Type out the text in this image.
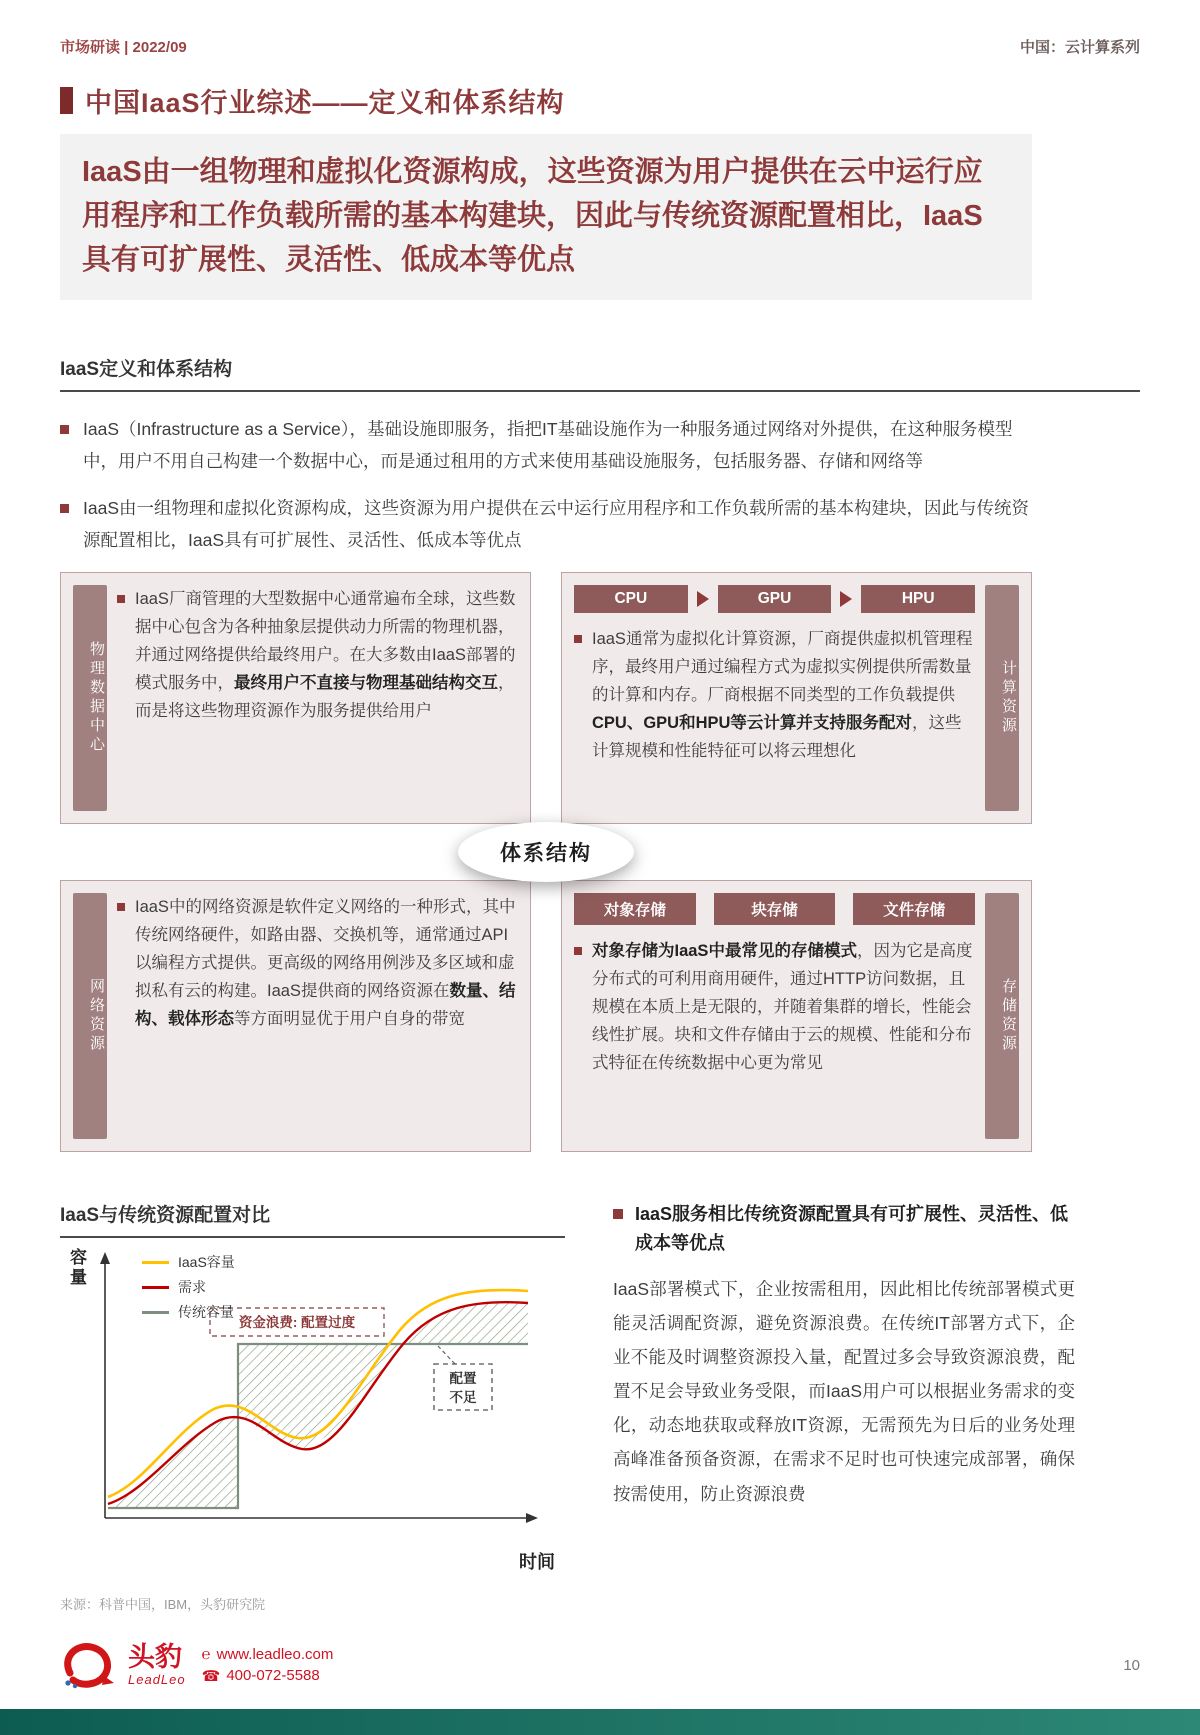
市场研读 | 2022/09	中国：云计算系列
中国IaaS行业综述——定义和体系结构
IaaS由一组物理和虚拟化资源构成，这些资源为用户提供在云中运行应用程序和工作负载所需的基本构建块，因此与传统资源配置相比，IaaS具有可扩展性、灵活性、低成本等优点
IaaS定义和体系结构
IaaS（Infrastructure as a Service），基础设施即服务，指把IT基础设施作为一种服务通过网络对外提供，在这种服务模型中，用户不用自己构建一个数据中心，而是通过租用的方式来使用基础设施服务，包括服务器、存储和网络等
IaaS由一组物理和虚拟化资源构成，这些资源为用户提供在云中运行应用程序和工作负载所需的基本构建块，因此与传统资源配置相比，IaaS具有可扩展性、灵活性、低成本等优点
物理数据中心
IaaS厂商管理的大型数据中心通常遍布全球，这些数据中心包含为各种抽象层提供动力所需的物理机器，并通过网络提供给最终用户。在大多数由IaaS部署的模式服务中，最终用户不直接与物理基础结构交互，而是将这些物理资源作为服务提供给用户
CPU	GPU	HPU
IaaS通常为虚拟化计算资源，厂商提供虚拟机管理程序，最终用户通过编程方式为虚拟实例提供所需数量的计算和内存。厂商根据不同类型的工作负载提供CPU、GPU和HPU等云计算并支持服务配对，这些计算规模和性能特征可以将云理想化
计算资源
网络资源
IaaS中的网络资源是软件定义网络的一种形式，其中传统网络硬件，如路由器、交换机等，通常通过API以编程方式提供。更高级的网络用例涉及多区域和虚拟私有云的构建。IaaS提供商的网络资源在数量、结构、载体形态等方面明显优于用户自身的带宽
对象存储	块存储	文件存储
对象存储为IaaS中最常见的存储模式，因为它是高度分布式的可利用商用硬件，通过HTTP访问数据，且规模在本质上是无限的，并随着集群的增长，性能会线性扩展。块和文件存储由于云的规模、性能和分布式特征在传统数据中心更为常见
存储资源
体系结构
IaaS与传统资源配置对比
容量
资金浪费: 配置过度
配置
不足
IaaS容量
需求
传统容量
时间
来源：科普中国，IBM，头豹研究院
IaaS服务相比传统资源配置具有可扩展性、灵活性、低成本等优点
IaaS部署模式下，企业按需租用，因此相比传统部署模式更能灵活调配资源，避免资源浪费。在传统IT部署方式下，企业不能及时调整资源投入量，配置过多会导致资源浪费，配置不足会导致业务受限，而IaaS用户可以根据业务需求的变化，动态地获取或释放IT资源，无需预先为日后的业务处理高峰准备预备资源，在需求不足时也可快速完成部署，确保按需使用，防止资源浪费
头豹
LeadLeo
℮ www.leadleo.com
☎ 400-072-5588
10
